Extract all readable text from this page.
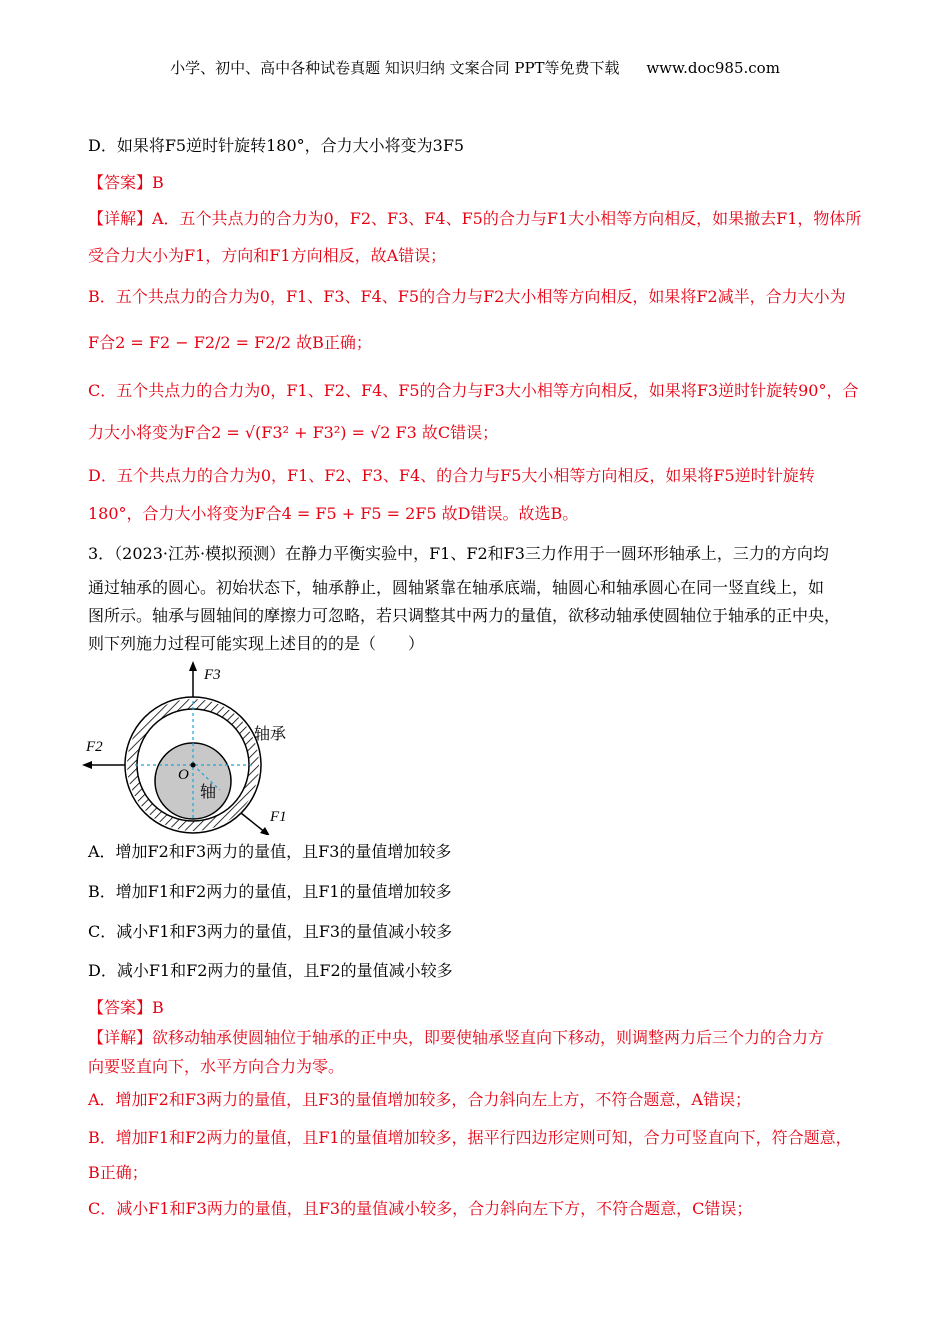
小学、初中、高中各种试卷真题 知识归纳 文案合同 PPT等免费下载 www.doc985.com
D．如果将F5逆时针旋转180°，合力大小将变为3F5
【答案】B
【详解】A．五个共点力的合力为0，F2、F3、F4、F5的合力与F1大小相等方向相反，如果撤去F1，物体所
受合力大小为F1，方向和F1方向相反，故A错误；
B．五个共点力的合力为0，F1、F3、F4、F5的合力与F2大小相等方向相反，如果将F2减半，合力大小为
F合2 = F2 − F2/2 = F2/2 故B正确；
C．五个共点力的合力为0，F1、F2、F4、F5的合力与F3大小相等方向相反，如果将F3逆时针旋转90°，合
力大小将变为F合2 = √(F3² + F3²) = √2 F3 故C错误；
D．五个共点力的合力为0，F1、F2、F3、F4、的合力与F5大小相等方向相反，如果将F5逆时针旋转
180°，合力大小将变为F合4 = F5 + F5 = 2F5 故D错误。故选B。
3．（2023·江苏·模拟预测）在静力平衡实验中，F1、F2和F3三力作用于一圆环形轴承上，三力的方向均
通过轴承的圆心。初始状态下，轴承静止，圆轴紧靠在轴承底端，轴圆心和轴承圆心在同一竖直线上，如
图所示。轴承与圆轴间的摩擦力可忽略，若只调整其中两力的量值，欲移动轴承使圆轴位于轴承的正中央，
则下列施力过程可能实现上述目的的是（　　）
F3
F2
F1
O
轴承
轴
A．增加F2和F3两力的量值，且F3的量值增加较多
B．增加F1和F2两力的量值，且F1的量值增加较多
C．减小F1和F3两力的量值，且F3的量值减小较多
D．减小F1和F2两力的量值，且F2的量值减小较多
【答案】B
【详解】欲移动轴承使圆轴位于轴承的正中央，即要使轴承竖直向下移动，则调整两力后三个力的合力方
向要竖直向下，水平方向合力为零。
A．增加F2和F3两力的量值，且F3的量值增加较多，合力斜向左上方，不符合题意，A错误；
B．增加F1和F2两力的量值，且F1的量值增加较多，据平行四边形定则可知，合力可竖直向下，符合题意，
B正确；
C．减小F1和F3两力的量值，且F3的量值减小较多，合力斜向左下方，不符合题意，C错误；
